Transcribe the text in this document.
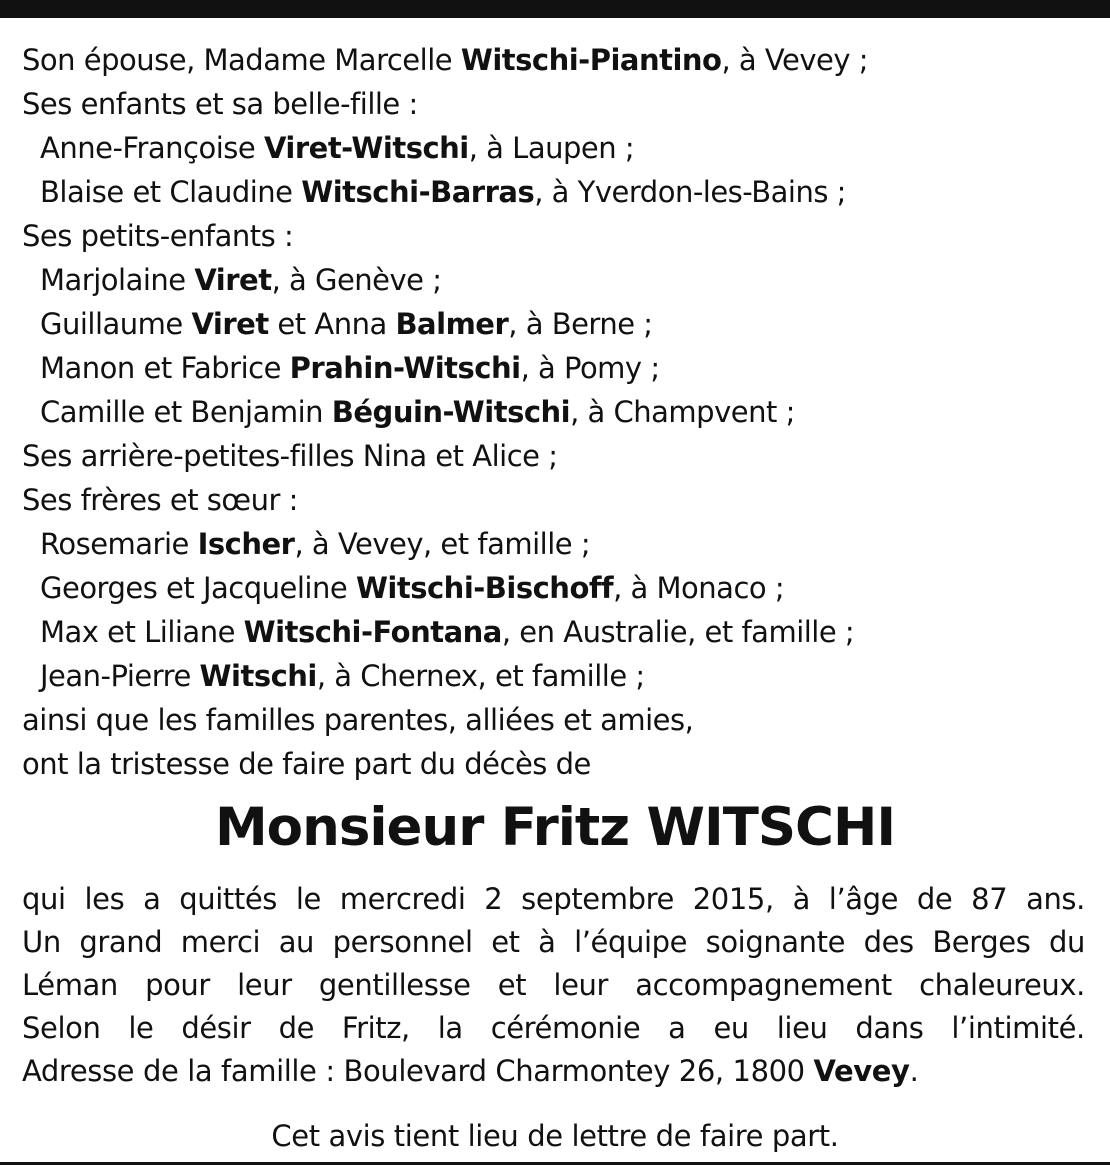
Son épouse, Madame Marcelle Witschi-Piantino, à Vevey ;
Ses enfants et sa belle-fille :
Anne-Françoise Viret-Witschi, à Laupen ;
Blaise et Claudine Witschi-Barras, à Yverdon-les-Bains ;
Ses petits-enfants :
Marjolaine Viret, à Genève ;
Guillaume Viret et Anna Balmer, à Berne ;
Manon et Fabrice Prahin-Witschi, à Pomy ;
Camille et Benjamin Béguin-Witschi, à Champvent ;
Ses arrière-petites-filles Nina et Alice ;
Ses frères et sœur :
Rosemarie Ischer, à Vevey, et famille ;
Georges et Jacqueline Witschi-Bischoff, à Monaco ;
Max et Liliane Witschi-Fontana, en Australie, et famille ;
Jean-Pierre Witschi, à Chernex, et famille ;
ainsi que les familles parentes, alliées et amies,
ont la tristesse de faire part du décès de
Monsieur Fritz WITSCHI
qui les a quittés le mercredi 2 septembre 2015, à l’âge de 87 ans.
Un grand merci au personnel et à l’équipe soignante des Berges du
Léman pour leur gentillesse et leur accompagnement chaleureux.
Selon le désir de Fritz, la cérémonie a eu lieu dans l’intimité.
Adresse de la famille : Boulevard Charmontey 26, 1800 Vevey.
Cet avis tient lieu de lettre de faire part.
